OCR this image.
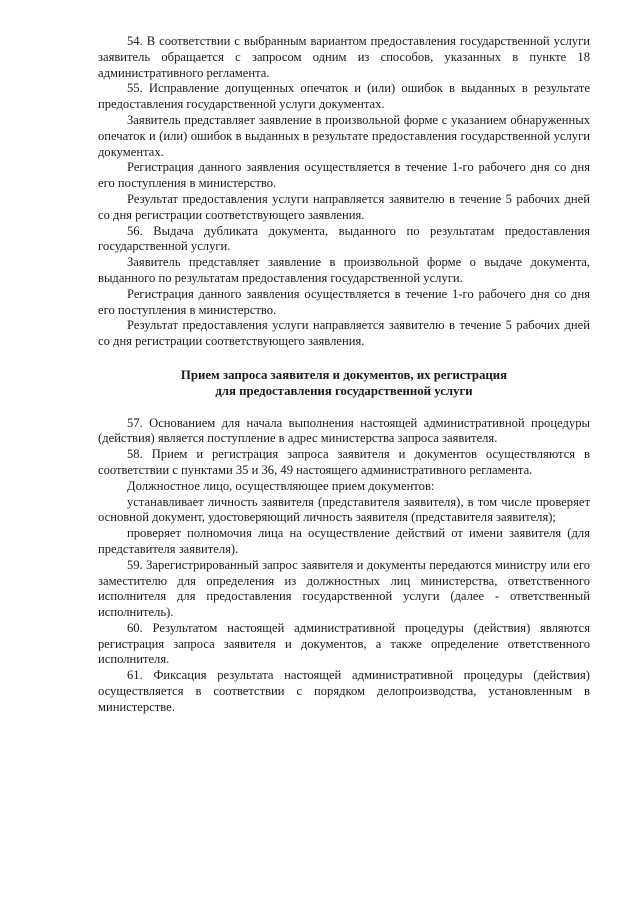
54. В соответствии с выбранным вариантом предоставления государственной услуги заявитель обращается с запросом одним из способов, указанных в пункте 18 административного регламента.

55. Исправление допущенных опечаток и (или) ошибок в выданных в результате предоставления государственной услуги документах.

Заявитель представляет заявление в произвольной форме с указанием обнаруженных опечаток и (или) ошибок в выданных в результате предоставления государственной услуги документах.

Регистрация данного заявления осуществляется в течение 1-го рабочего дня со дня его поступления в министерство.

Результат предоставления услуги направляется заявителю в течение 5 рабочих дней со дня регистрации соответствующего заявления.

56. Выдача дубликата документа, выданного по результатам предоставления государственной услуги.

Заявитель представляет заявление в произвольной форме о выдаче документа, выданного по результатам предоставления государственной услуги.

Регистрация данного заявления осуществляется в течение 1-го рабочего дня со дня его поступления в министерство.

Результат предоставления услуги направляется заявителю в течение 5 рабочих дней со дня регистрации соответствующего заявления.

Прием запроса заявителя и документов, их регистрация
для предоставления государственной услуги

57. Основанием для начала выполнения настоящей административной процедуры (действия) является поступление в адрес министерства запроса заявителя.

58. Прием и регистрация запроса заявителя и документов осуществляются в соответствии с пунктами 35 и 36, 49 настоящего административного регламента.

Должностное лицо, осуществляющее прием документов:

устанавливает личность заявителя (представителя заявителя), в том числе проверяет основной документ, удостоверяющий личность заявителя (представителя заявителя);

проверяет полномочия лица на осуществление действий от имени заявителя (для представителя заявителя).

59. Зарегистрированный запрос заявителя и документы передаются министру или его заместителю для определения из должностных лиц министерства, ответственного исполнителя для предоставления государственной услуги (далее - ответственный исполнитель).

60. Результатом настоящей административной процедуры (действия) являются регистрация запроса заявителя и документов, а также определение ответственного исполнителя.

61. Фиксация результата настоящей административной процедуры (действия) осуществляется в соответствии с порядком делопроизводства, установленным в министерстве.
